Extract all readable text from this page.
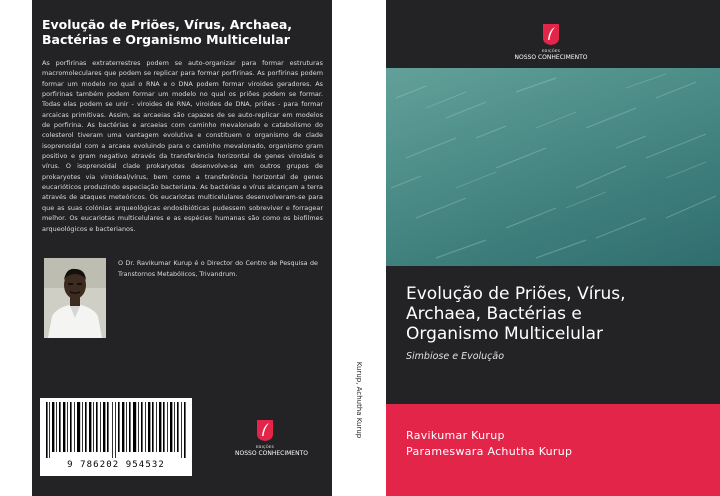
Evolução de Priões, Vírus, Archaea,
Bactérias e Organismo Multicelular
As porfirinas extraterrestres podem se auto-organizar para formar estruturas macromoleculares que podem se replicar para formar porfirinas. As porfirinas podem formar um modelo no qual o RNA e o DNA podem formar viroides geradores. As porfirinas também podem formar um modelo no qual os priões podem se formar. Todas elas podem se unir - viroides de RNA, viroides de DNA, priões - para formar arcaicas primitivas. Assim, as arcaeias são capazes de se auto-replicar em modelos de porfirina. As bactérias e arcaeias com caminho mevalonado e catabolismo do colesterol tiveram uma vantagem evolutiva e constituem o organismo de clade isoprenoidal com a arcaea evoluindo para o caminho mevalonado, organismo gram positivo e gram negativo através da transferência horizontal de genes viroidais e vírus. O isoprenoidal clade prokaryotes desenvolve-se em outros grupos de prokaryotes via viroideal/vírus, bem como a transferência horizontal de genes eucarióticos produzindo especiação bacteriana. As bactérias e vírus alcançam a terra através de ataques meteóricos. Os eucariotas multicelulares desenvolveram-se para que as suas colónias arqueológicas endosibióticas pudessem sobreviver e forragear melhor. Os eucariotas multicelulares e as espécies humanas são como os biofilmes arqueológicos e bacterianos.
O Dr. Ravikumar Kurup é o Director do Centro de Pesquisa de Transtornos Metabólicos, Trivandrum.
9 786202 954532
EDIÇÕES
NOSSO CONHECIMENTO
Kurup, Achutha Kurup
EDIÇÕES
NOSSO CONHECIMENTO
Evolução de Priões, Vírus,
Archaea, Bactérias e
Organismo Multicelular
Simbiose e Evolução
Ravikumar Kurup
Parameswara Achutha Kurup
